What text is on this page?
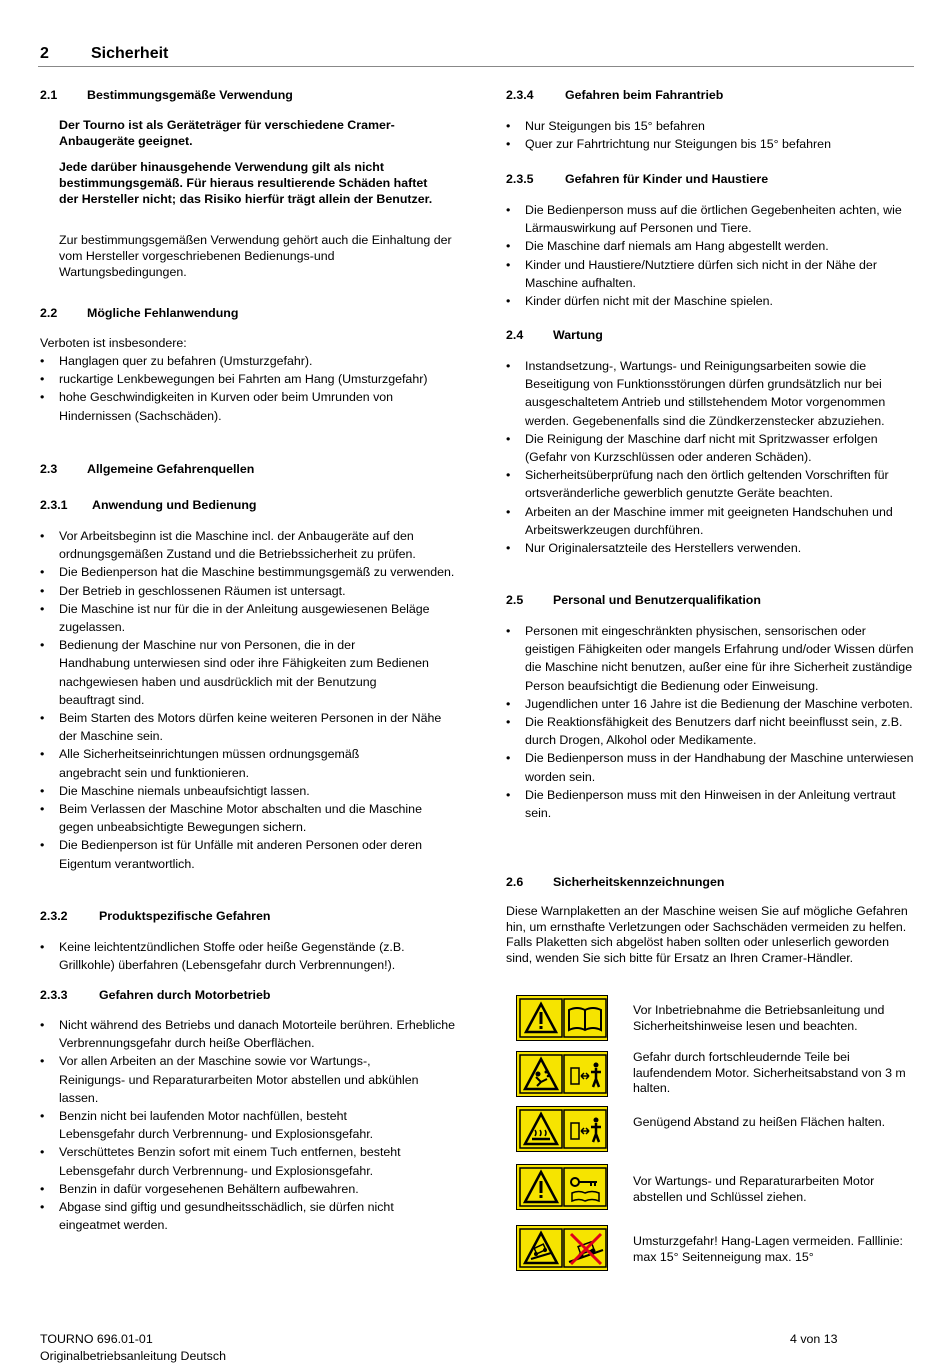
2	Sicherheit
2.1 Bestimmungsgemäße Verwendung

Der Tourno ist als Geräteträger für verschiedene Cramer-Anbaugeräte geeignet.

Jede darüber hinausgehende Verwendung gilt als nicht bestimmungsgemäß. Für hieraus resultierende Schäden haftet der Hersteller nicht; das Risiko hierfür trägt allein der Benutzer.

Zur bestimmungsgemäßen Verwendung gehört auch die Einhaltung der vom Hersteller vorgeschriebenen Bedienungs-und Wartungsbedingungen.

2.2 Mögliche Fehlanwendung

Verboten ist insbesondere:

• Hanglagen quer zu befahren (Umsturzgefahr).
• ruckartige Lenkbewegungen bei Fahrten am Hang (Umsturzgefahr)
• hohe Geschwindigkeiten in Kurven oder beim Umrunden von Hindernissen (Sachschäden).
2.3 Allgemeine Gefahrenquellen
2.3.1 Anwendung und Bedienung
• Vor Arbeitsbeginn ist die Maschine incl. der Anbaugeräte auf den ordnungsgemäßen Zustand und die Betriebssicherheit zu prüfen.
• Die Bedienperson hat die Maschine bestimmungsgemäß zu verwenden.
• Der Betrieb in geschlossenen Räumen ist untersagt.
• Die Maschine ist nur für die in der Anleitung ausgewiesenen Beläge zugelassen.
• Bedienung der Maschine nur von Personen, die in der Handhabung unterwiesen sind oder ihre Fähigkeiten zum Bedienen nachgewiesen haben und ausdrücklich mit der Benutzung beauftragt sind.
• Beim Starten des Motors dürfen keine weiteren Personen in der Nähe der Maschine sein.
• Alle Sicherheitseinrichtungen müssen ordnungsgemäß angebracht sein und funktionieren.
• Die Maschine niemals unbeaufsichtigt lassen.
• Beim Verlassen der Maschine Motor abschalten und die Maschine gegen unbeabsichtigte Bewegungen sichern.
• Die Bedienperson ist für Unfälle mit anderen Personen oder deren Eigentum verantwortlich.
2.3.2	Produktspezifische Gefahren
• Keine leichtentzündlichen Stoffe oder heiße Gegenstände (z.B. Grillkohle) überfahren (Lebensgefahr durch Verbrennungen!).
2.3.3	Gefahren durch Motorbetrieb
• Nicht während des Betriebs und danach Motorteile berühren. Erhebliche Verbrennungsgefahr durch heiße Oberflächen.
• Vor allen Arbeiten an der Maschine sowie vor Wartungs-, Reinigungs- und Reparaturarbeiten Motor abstellen und abkühlen lassen.
• Benzin nicht bei laufenden Motor nachfüllen, besteht Lebensgefahr durch Verbrennung- und Explosionsgefahr.
• Verschüttetes Benzin sofort mit einem Tuch entfernen, besteht Lebensgefahr durch Verbrennung- und Explosionsgefahr.
• Benzin in dafür vorgesehenen Behältern aufbewahren.
• Abgase sind giftig und gesundheitsschädlich, sie dürfen nicht eingeatmet werden.
2.3.4	Gefahren beim Fahrantrieb
• Nur Steigungen bis 15° befahren
• Quer zur Fahrtrichtung nur Steigungen bis 15° befahren
2.3.5	Gefahren für Kinder und Haustiere
• Die Bedienperson muss auf die örtlichen Gegebenheiten achten, wie Lärmauswirkung auf Personen und Tiere.
• Die Maschine darf niemals am Hang abgestellt werden.
• Kinder und Haustiere/Nutztiere dürfen sich nicht in der Nähe der Maschine aufhalten.
• Kinder dürfen nicht mit der Maschine spielen.
2.4 Wartung
• Instandsetzung-, Wartungs- und Reinigungsarbeiten sowie die Beseitigung von Funktionsstörungen dürfen grundsätzlich nur bei ausgeschaltetem Antrieb und stillstehendem Motor vorgenommen werden. Gegebenenfalls sind die Zündkerzenstecker abzuziehen.
• Die Reinigung der Maschine darf nicht mit Spritzwasser erfolgen (Gefahr von Kurzschlüssen oder anderen Schäden).
• Sicherheitsüberprüfung nach den örtlich geltenden Vorschriften für ortsveränderliche gewerblich genutzte Geräte beachten.
• Arbeiten an der Maschine immer mit geeigneten Handschuhen und Arbeitswerkzeugen durchführen.
• Nur Originalersatzteile des Herstellers verwenden.
2.5 Personal und Benutzerqualifikation
• Personen mit eingeschränkten physischen, sensorischen oder geistigen Fähigkeiten oder mangels Erfahrung und/oder Wissen dürfen die Maschine nicht benutzen, außer eine für ihre Sicherheit zuständige Person beaufsichtigt die Bedienung oder Einweisung.
• Jugendlichen unter 16 Jahre ist die Bedienung der Maschine verboten.
• Die Reaktionsfähigkeit des Benutzers darf nicht beeinflusst sein, z.B. durch Drogen, Alkohol oder Medikamente.
• Die Bedienperson muss in der Handhabung der Maschine unterwiesen worden sein.
• Die Bedienperson muss mit den Hinweisen in der Anleitung vertraut sein.
2.6 Sicherheitskennzeichnungen

Diese Warnplaketten an der Maschine weisen Sie auf mögliche Gefahren hin, um ernsthafte Verletzungen oder Sachschäden vermeiden zu helfen. Falls Plaketten sich abgelöst haben sollten oder unleserlich geworden sind, wenden Sie sich bitte für Ersatz an Ihren Cramer-Händler.

Vor Inbetriebnahme die Betriebsanleitung und Sicherheitshinweise lesen und beachten.
Gefahr durch fortschleudernde Teile bei laufendendem Motor. Sicherheitsabstand von 3 m halten.
Genügend Abstand zu heißen Flächen halten.
Vor Wartungs- und Reparaturarbeiten Motor abstellen und Schlüssel ziehen.
Umsturzgefahr! Hang-Lagen vermeiden. Falllinie: max 15° Seitenneigung max. 15°
TOURNO 696.01-01	4 von 13
Originalbetriebsanleitung Deutsch
